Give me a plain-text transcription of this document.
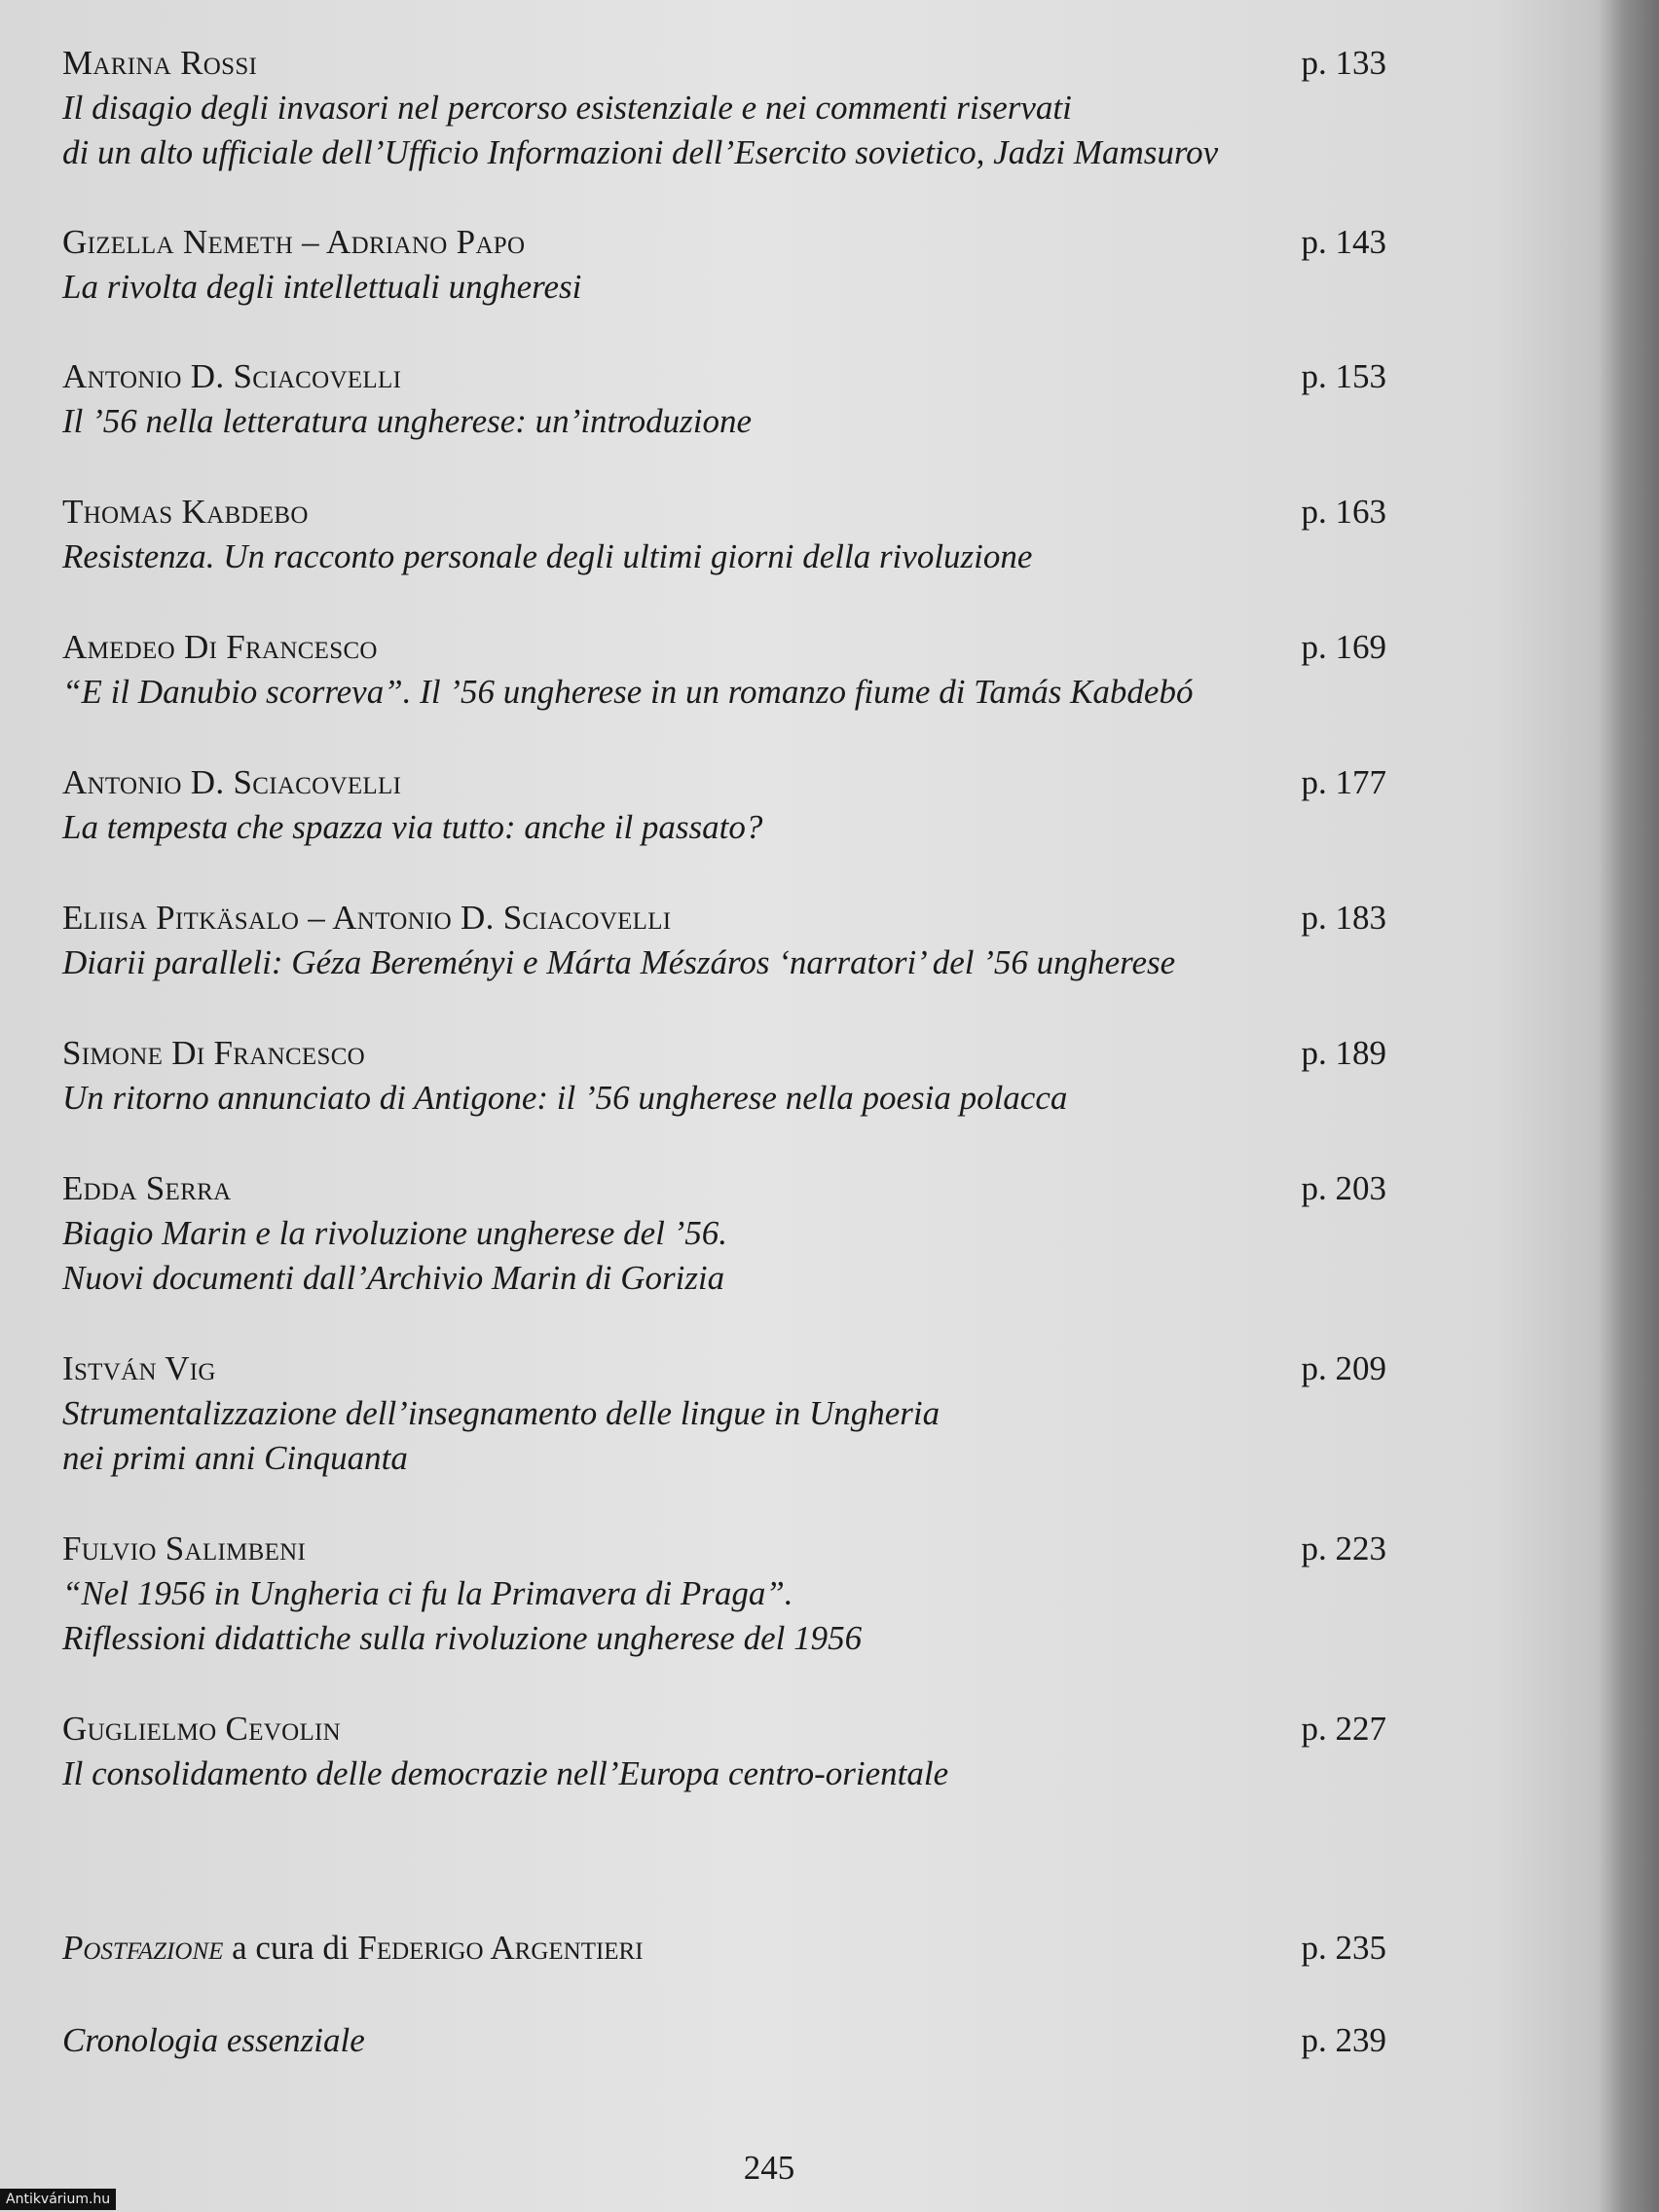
Marina Rossi
Il disagio degli invasori nel percorso esistenziale e nei commenti riservati
di un alto ufficiale dell’Ufficio Informazioni dell’Esercito sovietico, Jadzi Mamsurov
p. 133
Gizella Nemeth – Adriano Papo
La rivolta degli intellettuali ungheresi
p. 143
Antonio D. Sciacovelli
Il ’56 nella letteratura ungherese: un’introduzione
p. 153
Thomas Kabdebo
Resistenza. Un racconto personale degli ultimi giorni della rivoluzione
p. 163
Amedeo Di Francesco
“E il Danubio scorreva”. Il ’56 ungherese in un romanzo fiume di Tamás Kabdebó
p. 169
Antonio D. Sciacovelli
La tempesta che spazza via tutto: anche il passato?
p. 177
Eliisa Pitkäsalo – Antonio D. Sciacovelli
Diarii paralleli: Géza Bereményi e Márta Mészáros ‘narratori’ del ’56 ungherese
p. 183
Simone Di Francesco
Un ritorno annunciato di Antigone: il ’56 ungherese nella poesia polacca
p. 189
Edda Serra
Biagio Marin e la rivoluzione ungherese del ’56.
Nuovi documenti dall’Archivio Marin di Gorizia
p. 203
István Vig
Strumentalizzazione dell’insegnamento delle lingue in Ungheria
nei primi anni Cinquanta
p. 209
Fulvio Salimbeni
“Nel 1956 in Ungheria ci fu la Primavera di Praga”.
Riflessioni didattiche sulla rivoluzione ungherese del 1956
p. 223
Guglielmo Cevolin
Il consolidamento delle democrazie nell’Europa centro-orientale
p. 227
Postfazione a cura di Federigo Argentieri	p. 235
Cronologia essenziale	p. 239
245
Antikvárium.hu
